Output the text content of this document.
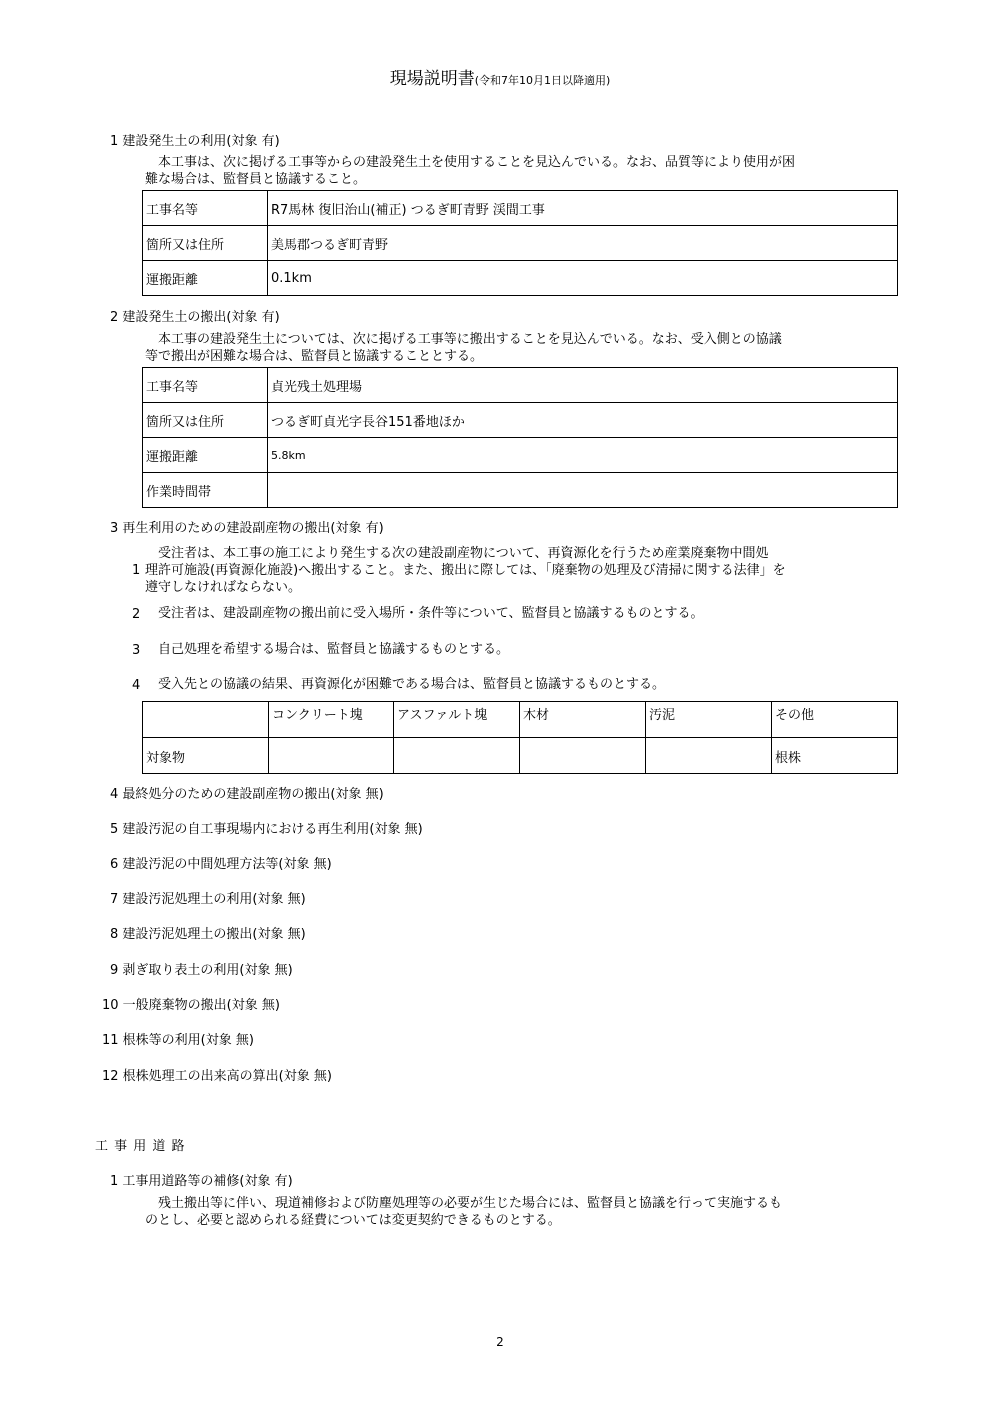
現場説明書(令和7年10月1日以降適用)
1 建設発生土の利用(対象 有)
本工事は、次に掲げる工事等からの建設発生土を使用することを見込んでいる。なお、品質等により使用が困
難な場合は、監督員と協議すること。
工事名等	R7馬林 復旧治山(補正) つるぎ町青野 渓間工事
箇所又は住所	美馬郡つるぎ町青野
運搬距離	0.1km
2 建設発生土の搬出(対象 有)
本工事の建設発生土については、次に掲げる工事等に搬出することを見込んでいる。なお、受入側との協議
等で搬出が困難な場合は、監督員と協議することとする。
工事名等	貞光残土処理場
箇所又は住所	つるぎ町貞光字長谷151番地ほか
運搬距離	5.8km
作業時間帯	
3 再生利用のための建設副産物の搬出(対象 有)
受注者は、本工事の施工により発生する次の建設副産物について、再資源化を行うため産業廃棄物中間処
1 理許可施設(再資源化施設)へ搬出すること。また、搬出に際しては、「廃棄物の処理及び清掃に関する法律」を
遵守しなければならない。
2 受注者は、建設副産物の搬出前に受入場所・条件等について、監督員と協議するものとする。
3 自己処理を希望する場合は、監督員と協議するものとする。
4 受入先との協議の結果、再資源化が困難である場合は、監督員と協議するものとする。
	コンクリート塊	アスファルト塊	木材	汚泥	その他
対象物					根株
4 最終処分のための建設副産物の搬出(対象 無)
5 建設汚泥の自工事現場内における再生利用(対象 無)
6 建設汚泥の中間処理方法等(対象 無)
7 建設汚泥処理土の利用(対象 無)
8 建設汚泥処理土の搬出(対象 無)
9 剥ぎ取り表土の利用(対象 無)
10 一般廃棄物の搬出(対象 無)
11 根株等の利用(対象 無)
12 根株処理工の出来高の算出(対象 無)
工 事 用 道 路
1 工事用道路等の補修(対象 有)
残土搬出等に伴い、現道補修および防塵処理等の必要が生じた場合には、監督員と協議を行って実施するも
のとし、必要と認められる経費については変更契約できるものとする。
2
